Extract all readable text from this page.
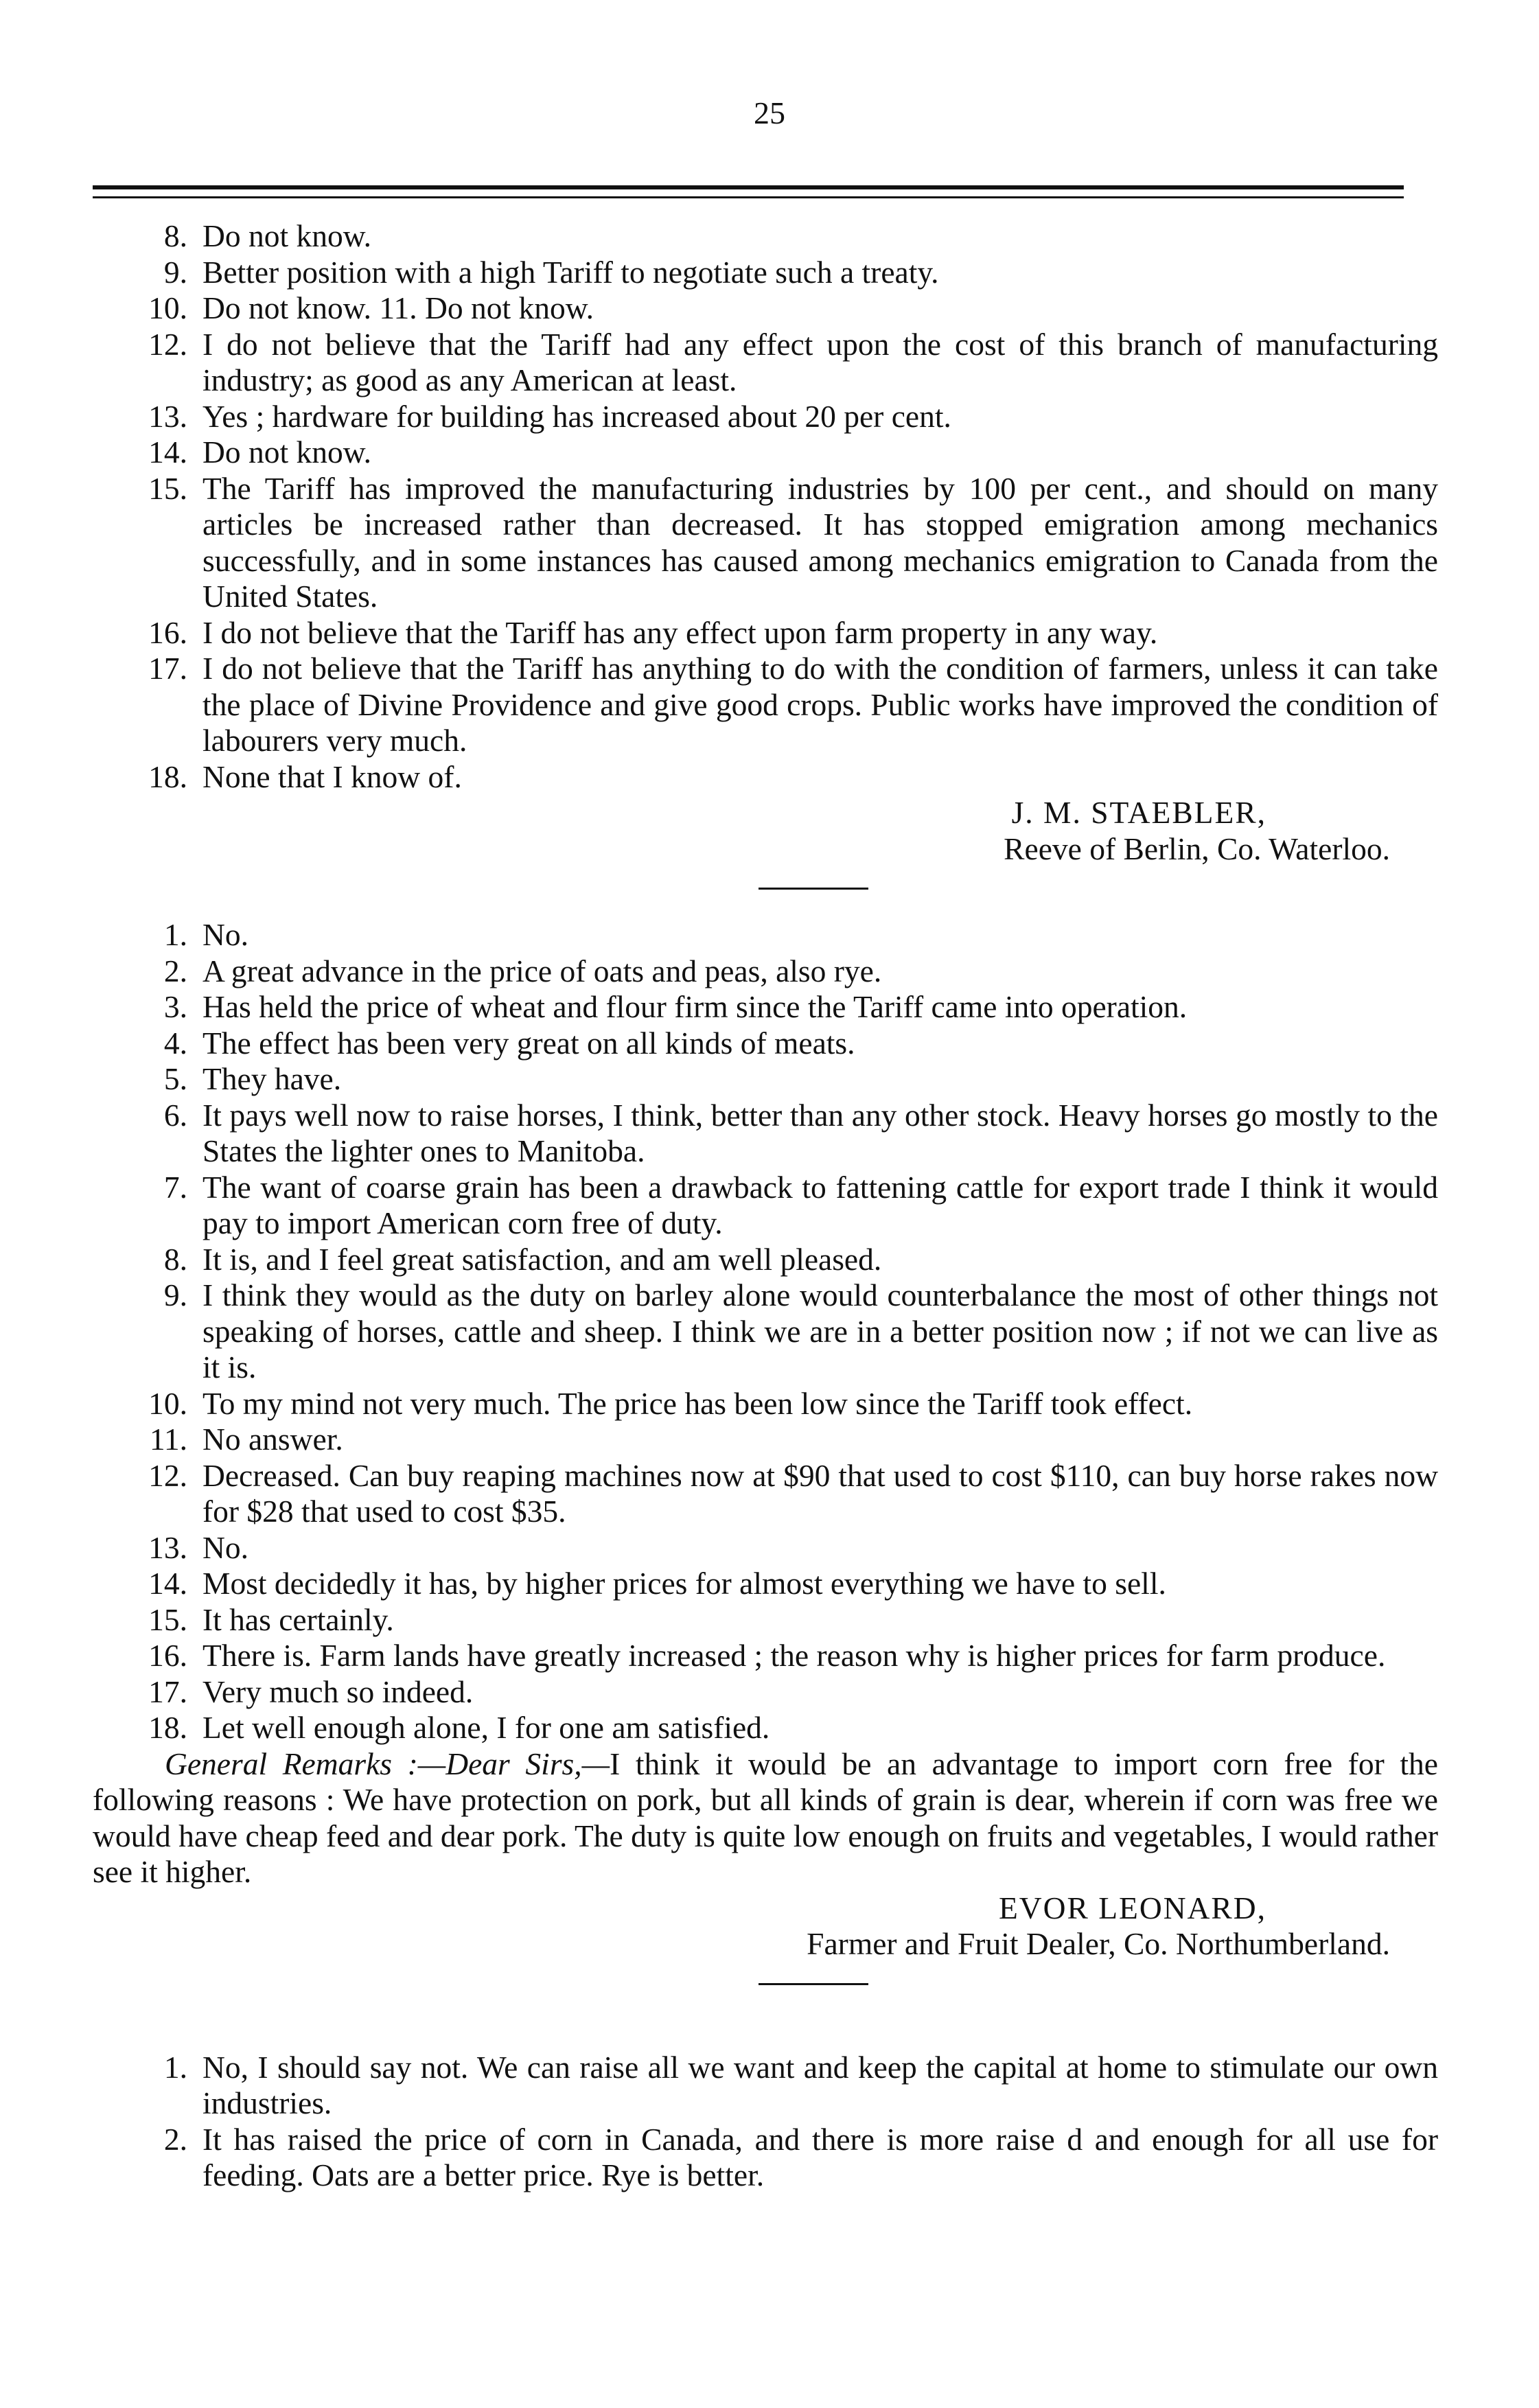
25
8. Do not know.
9. Better position with a high Tariff to negotiate such a treaty.
10. Do not know. 11. Do not know.
12. I do not believe that the Tariff had any effect upon the cost of this branch of manufacturing industry; as good as any American at least.
13. Yes ; hardware for building has increased about 20 per cent.
14. Do not know.
15. The Tariff has improved the manufacturing industries by 100 per cent., and should on many articles be increased rather than decreased. It has stopped emigration among mechanics successfully, and in some instances has caused among mechanics emigration to Canada from the United States.
16. I do not believe that the Tariff has any effect upon farm property in any way.
17. I do not believe that the Tariff has anything to do with the condition of farmers, unless it can take the place of Divine Providence and give good crops. Public works have improved the condition of labourers very much.
18. None that I know of.
J. M. STAEBLER,
Reeve of Berlin, Co. Waterloo.
1. No.
2. A great advance in the price of oats and peas, also rye.
3. Has held the price of wheat and flour firm since the Tariff came into operation.
4. The effect has been very great on all kinds of meats.
5. They have.
6. It pays well now to raise horses, I think, better than any other stock. Heavy horses go mostly to the States the lighter ones to Manitoba.
7. The want of coarse grain has been a drawback to fattening cattle for export trade I think it would pay to import American corn free of duty.
8. It is, and I feel great satisfaction, and am well pleased.
9. I think they would as the duty on barley alone would counterbalance the most of other things not speaking of horses, cattle and sheep. I think we are in a better position now ; if not we can live as it is.
10. To my mind not very much. The price has been low since the Tariff took effect.
11. No answer.
12. Decreased. Can buy reaping machines now at $90 that used to cost $110, can buy horse rakes now for $28 that used to cost $35.
13. No.
14. Most decidedly it has, by higher prices for almost everything we have to sell.
15. It has certainly.
16. There is. Farm lands have greatly increased ; the reason why is higher prices for farm produce.
17. Very much so indeed.
18. Let well enough alone, I for one am satisfied.
General Remarks :—Dear Sirs,—I think it would be an advantage to import corn free for the following reasons : We have protection on pork, but all kinds of grain is dear, wherein if corn was free we would have cheap feed and dear pork. The duty is quite low enough on fruits and vegetables, I would rather see it higher.
EVOR LEONARD,
Farmer and Fruit Dealer, Co. Northumberland.
1. No, I should say not. We can raise all we want and keep the capital at home to stimulate our own industries.
2. It has raised the price of corn in Canada, and there is more raise d and enough for all use for feeding. Oats are a better price. Rye is better.
